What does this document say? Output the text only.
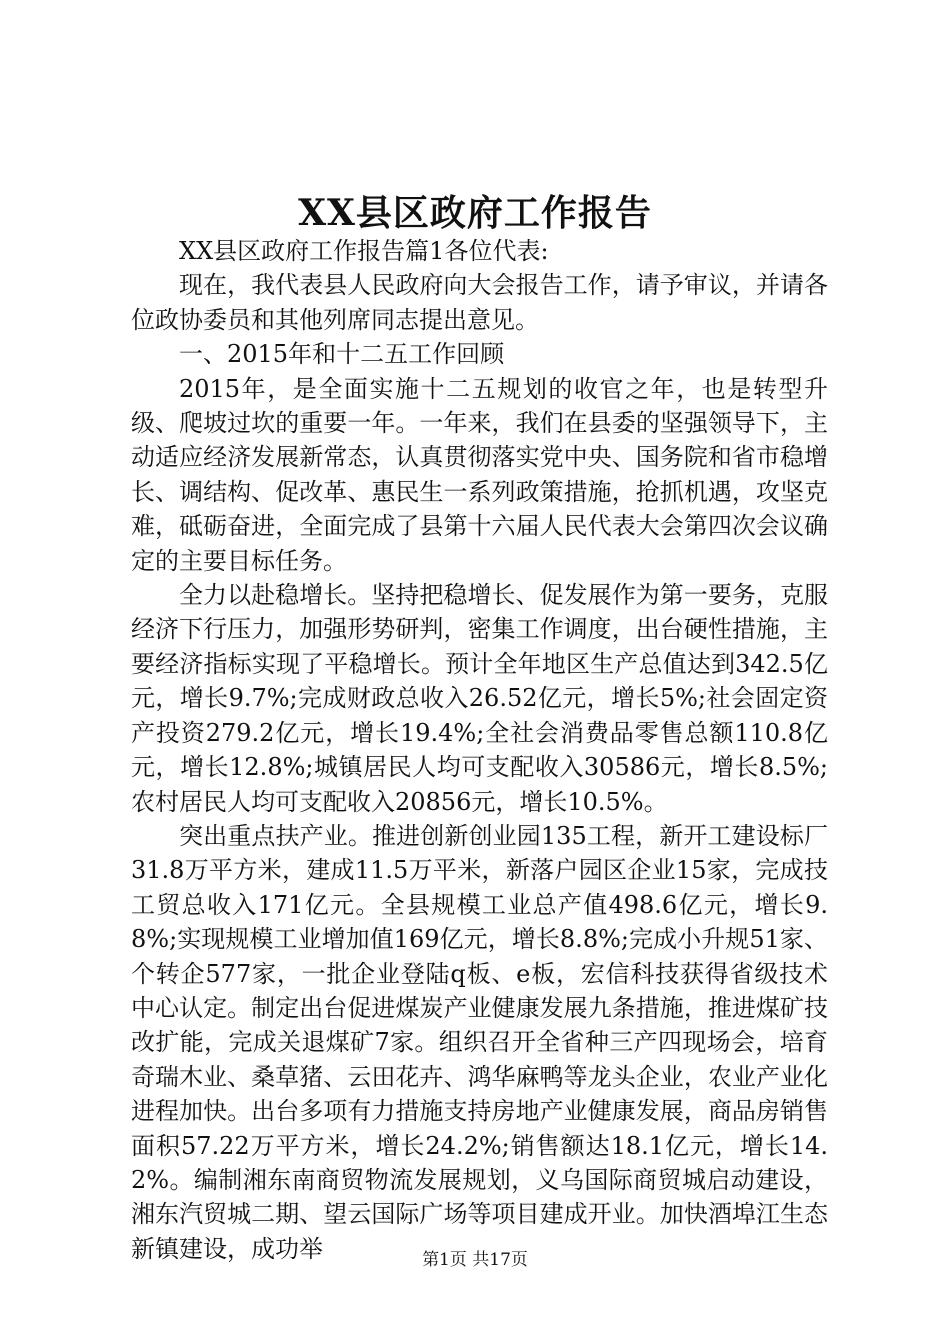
XX县区政府工作报告

XX县区政府工作报告篇1各位代表:

现在，我代表县人民政府向大会报告工作，请予审议，并请各位政协委员和其他列席同志提出意见。

一、2015年和十二五工作回顾

2015年，是全面实施十二五规划的收官之年，也是转型升级、爬坡过坎的重要一年。一年来，我们在县委的坚强领导下，主动适应经济发展新常态，认真贯彻落实党中央、国务院和省市稳增长、调结构、促改革、惠民生一系列政策措施，抢抓机遇，攻坚克难，砥砺奋进，全面完成了县第十六届人民代表大会第四次会议确定的主要目标任务。

全力以赴稳增长。坚持把稳增长、促发展作为第一要务，克服经济下行压力，加强形势研判，密集工作调度，出台硬性措施，主要经济指标实现了平稳增长。预计全年地区生产总值达到342.5亿元，增长9.7%;完成财政总收入26.52亿元，增长5%;社会固定资产投资279.2亿元，增长19.4%;全社会消费品零售总额110.8亿元，增长12.8%;城镇居民人均可支配收入30586元，增长8.5%;农村居民人均可支配收入20856元，增长10.5%。

突出重点扶产业。推进创新创业园135工程，新开工建设标厂31.8万平方米，建成11.5万平米，新落户园区企业15家，完成技工贸总收入171亿元。全县规模工业总产值498.6亿元，增长9.8%;实现规模工业增加值169亿元，增长8.8%;完成小升规51家、个转企577家，一批企业登陆q板、e板，宏信科技获得省级技术中心认定。制定出台促进煤炭产业健康发展九条措施，推进煤矿技改扩能，完成关退煤矿7家。组织召开全省种三产四现场会，培育奇瑞木业、桑草猪、云田花卉、鸿华麻鸭等龙头企业，农业产业化进程加快。出台多项有力措施支持房地产业健康发展，商品房销售面积57.22万平方米，增长24.2%;销售额达18.1亿元，增长14.2%。编制湘东南商贸物流发展规划，义乌国际商贸城启动建设，湘东汽贸城二期、望云国际广场等项目建成开业。加快酒埠江生态新镇建设，成功举	第1页 共17页
